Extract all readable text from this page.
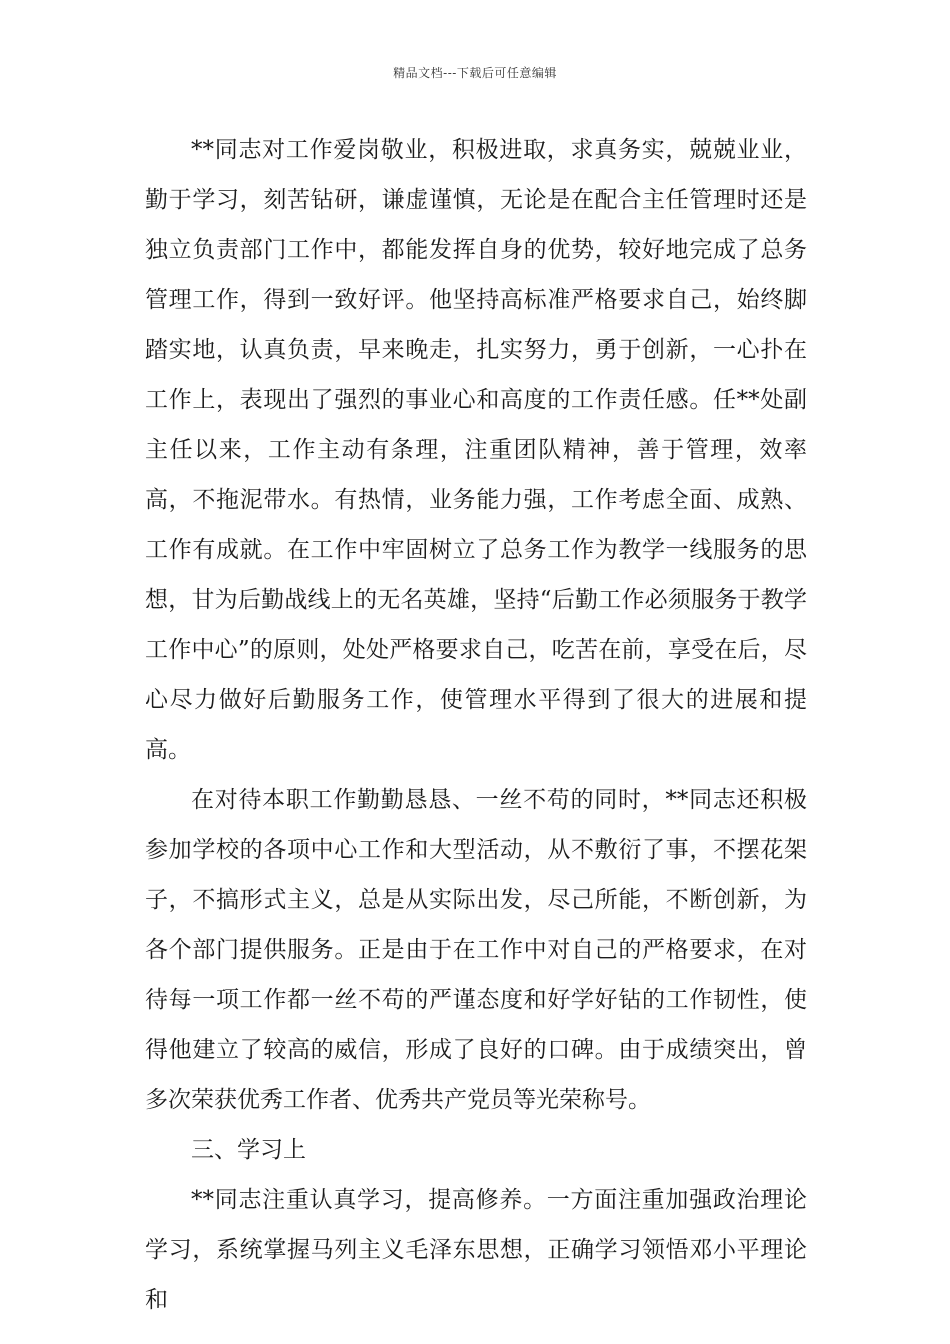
精品文档---下载后可任意编辑

**同志对工作爱岗敬业，积极进取，求真务实，兢兢业业，勤于学习，刻苦钻研，谦虚谨慎，无论是在配合主任管理时还是独立负责部门工作中，都能发挥自身的优势，较好地完成了总务管理工作，得到一致好评。他坚持高标准严格要求自己，始终脚踏实地，认真负责，早来晚走，扎实努力，勇于创新，一心扑在工作上，表现出了强烈的事业心和高度的工作责任感。任**处副主任以来，工作主动有条理，注重团队精神，善于管理，效率高，不拖泥带水。有热情，业务能力强，工作考虑全面、成熟、工作有成就。在工作中牢固树立了总务工作为教学一线服务的思想，甘为后勤战线上的无名英雄，坚持“后勤工作必须服务于教学工作中心”的原则，处处严格要求自己，吃苦在前，享受在后，尽心尽力做好后勤服务工作，使管理水平得到了很大的进展和提高。

在对待本职工作勤勤恳恳、一丝不苟的同时，**同志还积极参加学校的各项中心工作和大型活动，从不敷衍了事，不摆花架子，不搞形式主义，总是从实际出发，尽己所能，不断创新，为各个部门提供服务。正是由于在工作中对自己的严格要求，在对待每一项工作都一丝不苟的严谨态度和好学好钻的工作韧性，使得他建立了较高的威信，形成了良好的口碑。由于成绩突出，曾多次荣获优秀工作者、优秀共产党员等光荣称号。

三、学习上

**同志注重认真学习，提高修养。一方面注重加强政治理论学习，系统掌握马列主义毛泽东思想，正确学习领悟邓小平理论和
